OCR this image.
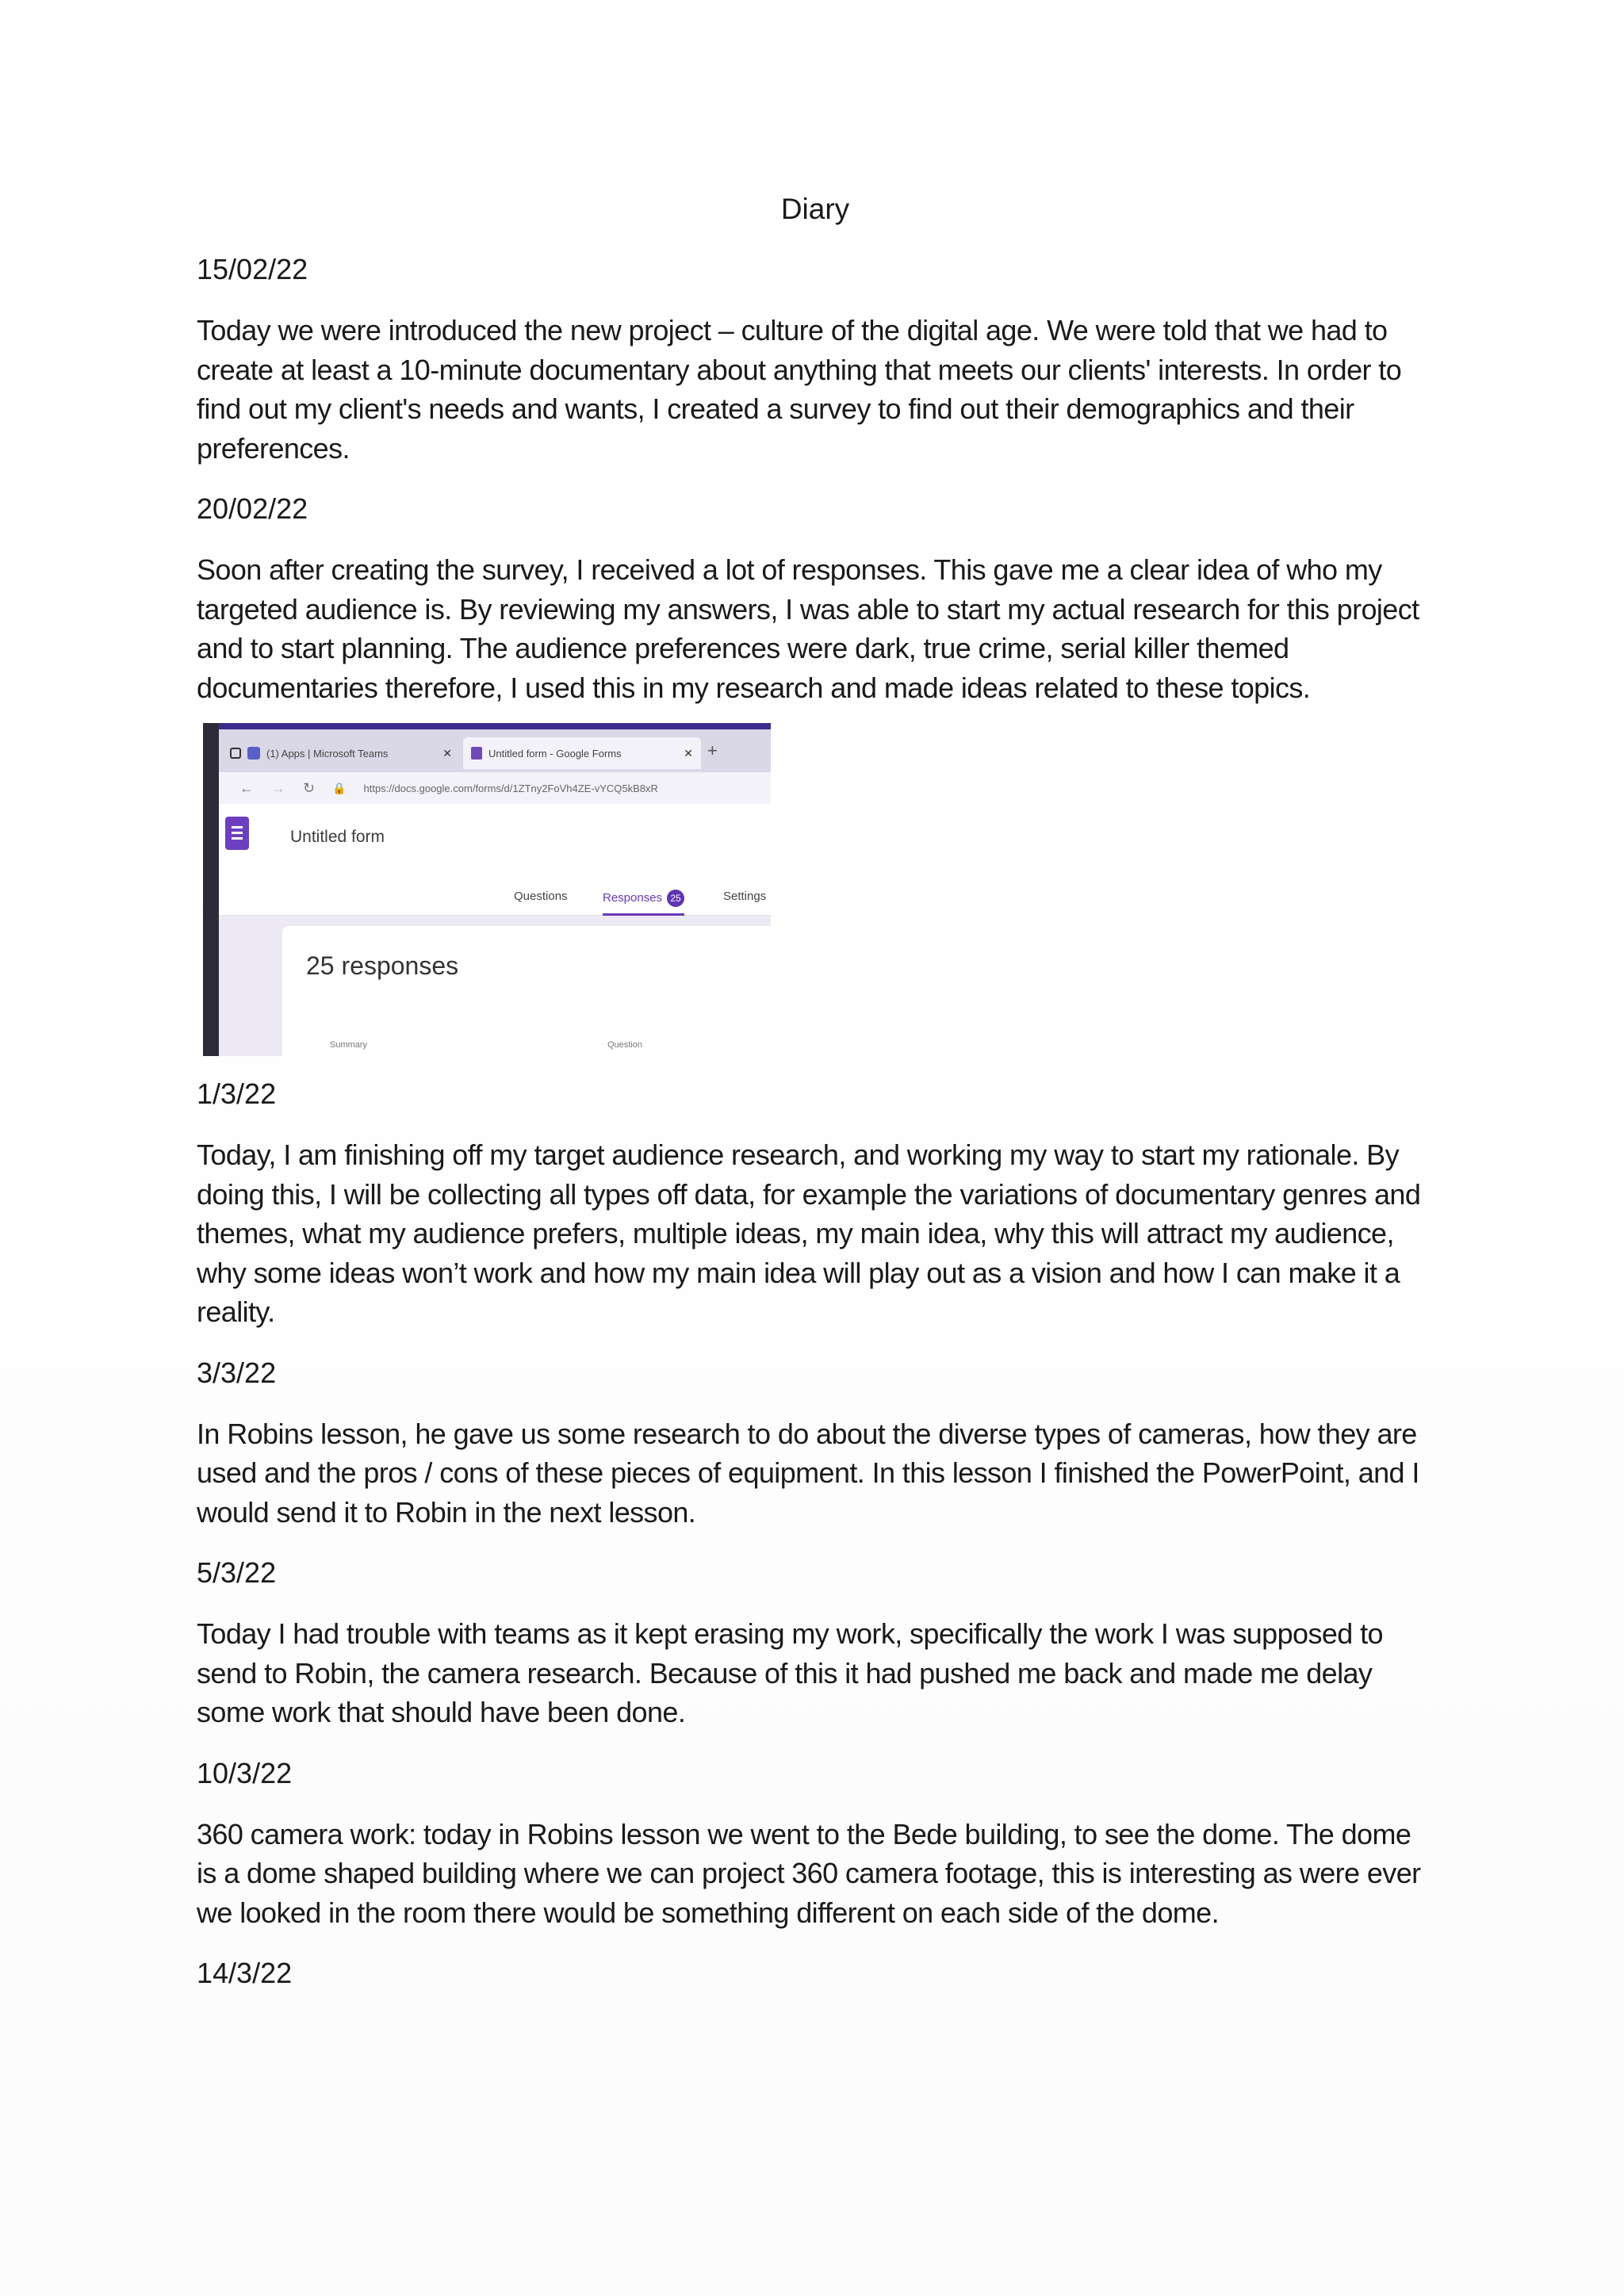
Diary
15/02/22
Today we were introduced the new project – culture of the digital age. We were told that we had to create at least a 10-minute documentary about anything that meets our clients' interests. In order to find out my client's needs and wants, I created a survey to find out their demographics and their preferences.
20/02/22
Soon after creating the survey, I received a lot of responses. This gave me a clear idea of who my targeted audience is. By reviewing my answers, I was able to start my actual research for this project and to start planning. The audience preferences were dark, true crime, serial killer themed documentaries therefore, I used this in my research and made ideas related to these topics.
(1) Apps | Microsoft Teams	✕	Untitled form - Google Forms	✕ +
← → ↻ 🔒 https://docs.google.com/forms/d/1ZTny2FoVh4ZE-vYCQ5kB8xR
Untitled form
Questions	Responses 25	Settings
25 responses
Summary	Question
1/3/22
Today, I am finishing off my target audience research, and working my way to start my rationale. By doing this, I will be collecting all types off data, for example the variations of documentary genres and themes, what my audience prefers, multiple ideas, my main idea, why this will attract my audience, why some ideas won’t work and how my main idea will play out as a vision and how I can make it a reality.
3/3/22
In Robins lesson, he gave us some research to do about the diverse types of cameras, how they are used and the pros / cons of these pieces of equipment. In this lesson I finished the PowerPoint, and I would send it to Robin in the next lesson.
5/3/22
Today I had trouble with teams as it kept erasing my work, specifically the work I was supposed to send to Robin, the camera research. Because of this it had pushed me back and made me delay some work that should have been done.
10/3/22
360 camera work: today in Robins lesson we went to the Bede building, to see the dome. The dome is a dome shaped building where we can project 360 camera footage, this is interesting as were ever we looked in the room there would be something different on each side of the dome.
14/3/22
